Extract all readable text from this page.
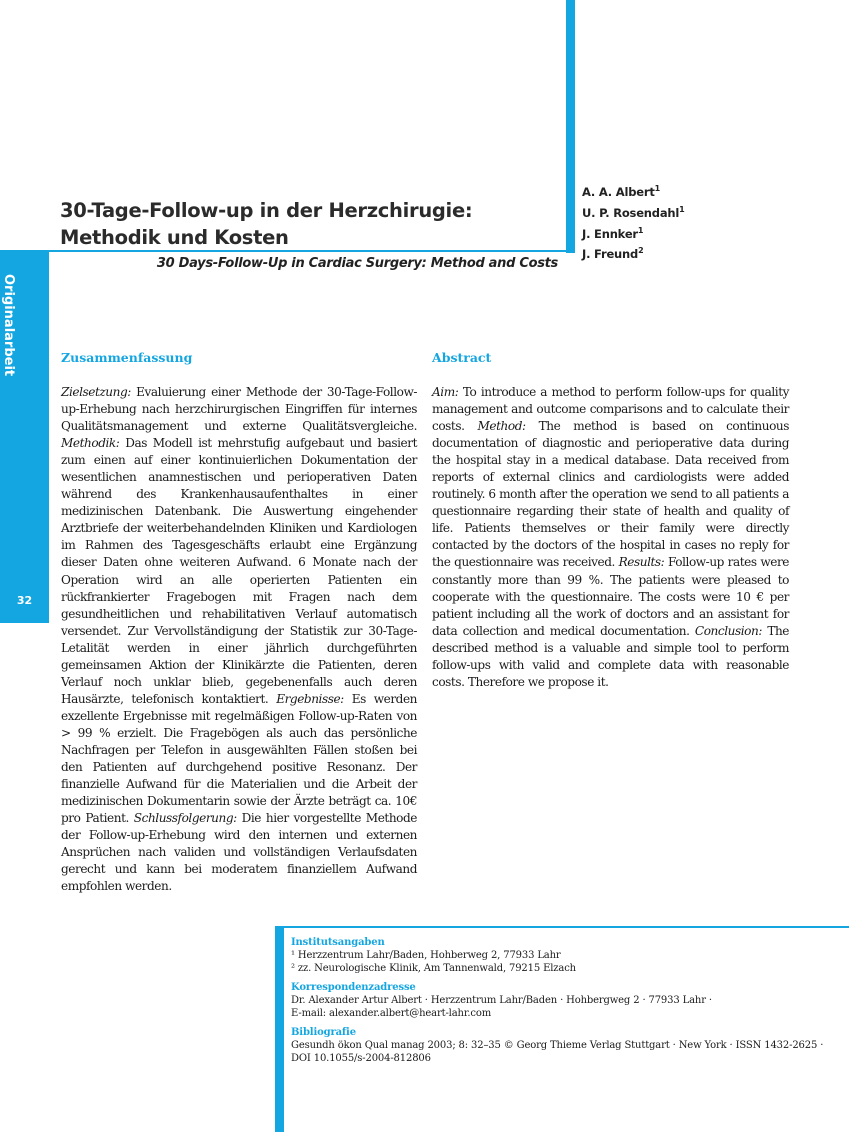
Originalarbeit
32
30-Tage-Follow-up in der Herzchirugie:
Methodik und Kosten
30 Days-Follow-Up in Cardiac Surgery: Method and Costs
A. A. Albert$^1$
U. P. Rosendahl$^1$
J. Ennker$^1$
J. Freund$^2$
Zusammenfassung	Abstract
Zielsetzung: Evaluierung einer Methode der 30-Tage-Follow-up-Erhebung nach herzchirurgischen Eingriffen für internes Qualitätsmanagement und externe Qualitätsvergleiche. Methodik: Das Modell ist mehrstufig aufgebaut und basiert zum einen auf einer kontinuierlichen Dokumentation der wesentlichen anamnestischen und perioperativen Daten während des Krankenhausaufenthaltes in einer medizinischen Datenbank. Die Auswertung eingehender Arztbriefe der weiterbehandelnden Kliniken und Kardiologen im Rahmen des Tagesgeschäfts erlaubt eine Ergänzung dieser Daten ohne weiteren Aufwand. 6 Monate nach der Operation wird an alle operierten Patienten ein rückfrankierter Fragebogen mit Fragen nach dem gesundheitlichen und rehabilitativen Verlauf automatisch versendet. Zur Vervollständigung der Statistik zur 30-Tage-Letalität werden in einer jährlich durchgeführten gemeinsamen Aktion der Klinikärzte die Patienten, deren Verlauf noch unklar blieb, gegebenenfalls auch deren Hausärzte, telefonisch kontaktiert. Ergebnisse: Es werden exzellente Ergebnisse mit regelmäßigen Follow-up-Raten von > 99 % erzielt. Die Fragebögen als auch das persönliche Nachfragen per Telefon in ausgewählten Fällen stoßen bei den Patienten auf durchgehend positive Resonanz. Der finanzielle Aufwand für die Materialien und die Arbeit der medizinischen Dokumentarin sowie der Ärzte beträgt ca. 10€ pro Patient. Schlussfolgerung: Die hier vorgestellte Methode der Follow-up-Erhebung wird den internen und externen Ansprüchen nach validen und vollständigen Verlaufsdaten gerecht und kann bei moderatem finanziellem Aufwand empfohlen werden.
Aim: To introduce a method to perform follow-ups for quality management and outcome comparisons and to calculate their costs. Method: The method is based on continuous documentation of diagnostic and perioperative data during the hospital stay in a medical database. Data received from reports of external clinics and cardiologists were added routinely. 6 month after the operation we send to all patients a questionnaire regarding their state of health and quality of life. Patients themselves or their family were directly contacted by the doctors of the hospital in cases no reply for the questionnaire was received. Results: Follow-up rates were constantly more than 99 %. The patients were pleased to cooperate with the questionnaire. The costs were 10 € per patient including all the work of doctors and an assistant for data collection and medical documentation. Conclusion: The described method is a valuable and simple tool to perform follow-ups with valid and complete data with reasonable costs. Therefore we propose it.
Institutsangaben
¹ Herzzentrum Lahr/Baden, Hohberweg 2, 77933 Lahr
² zz. Neurologische Klinik, Am Tannenwald, 79215 Elzach
Korrespondenzadresse
Dr. Alexander Artur Albert · Herzzentrum Lahr/Baden · Hohbergweg 2 · 77933 Lahr ·
E-mail: alexander.albert@heart-lahr.com
Bibliografie
Gesundh ökon Qual manag 2003; 8: 32–35 © Georg Thieme Verlag Stuttgart · New York · ISSN 1432-2625 ·
DOI 10.1055/s-2004-812806
